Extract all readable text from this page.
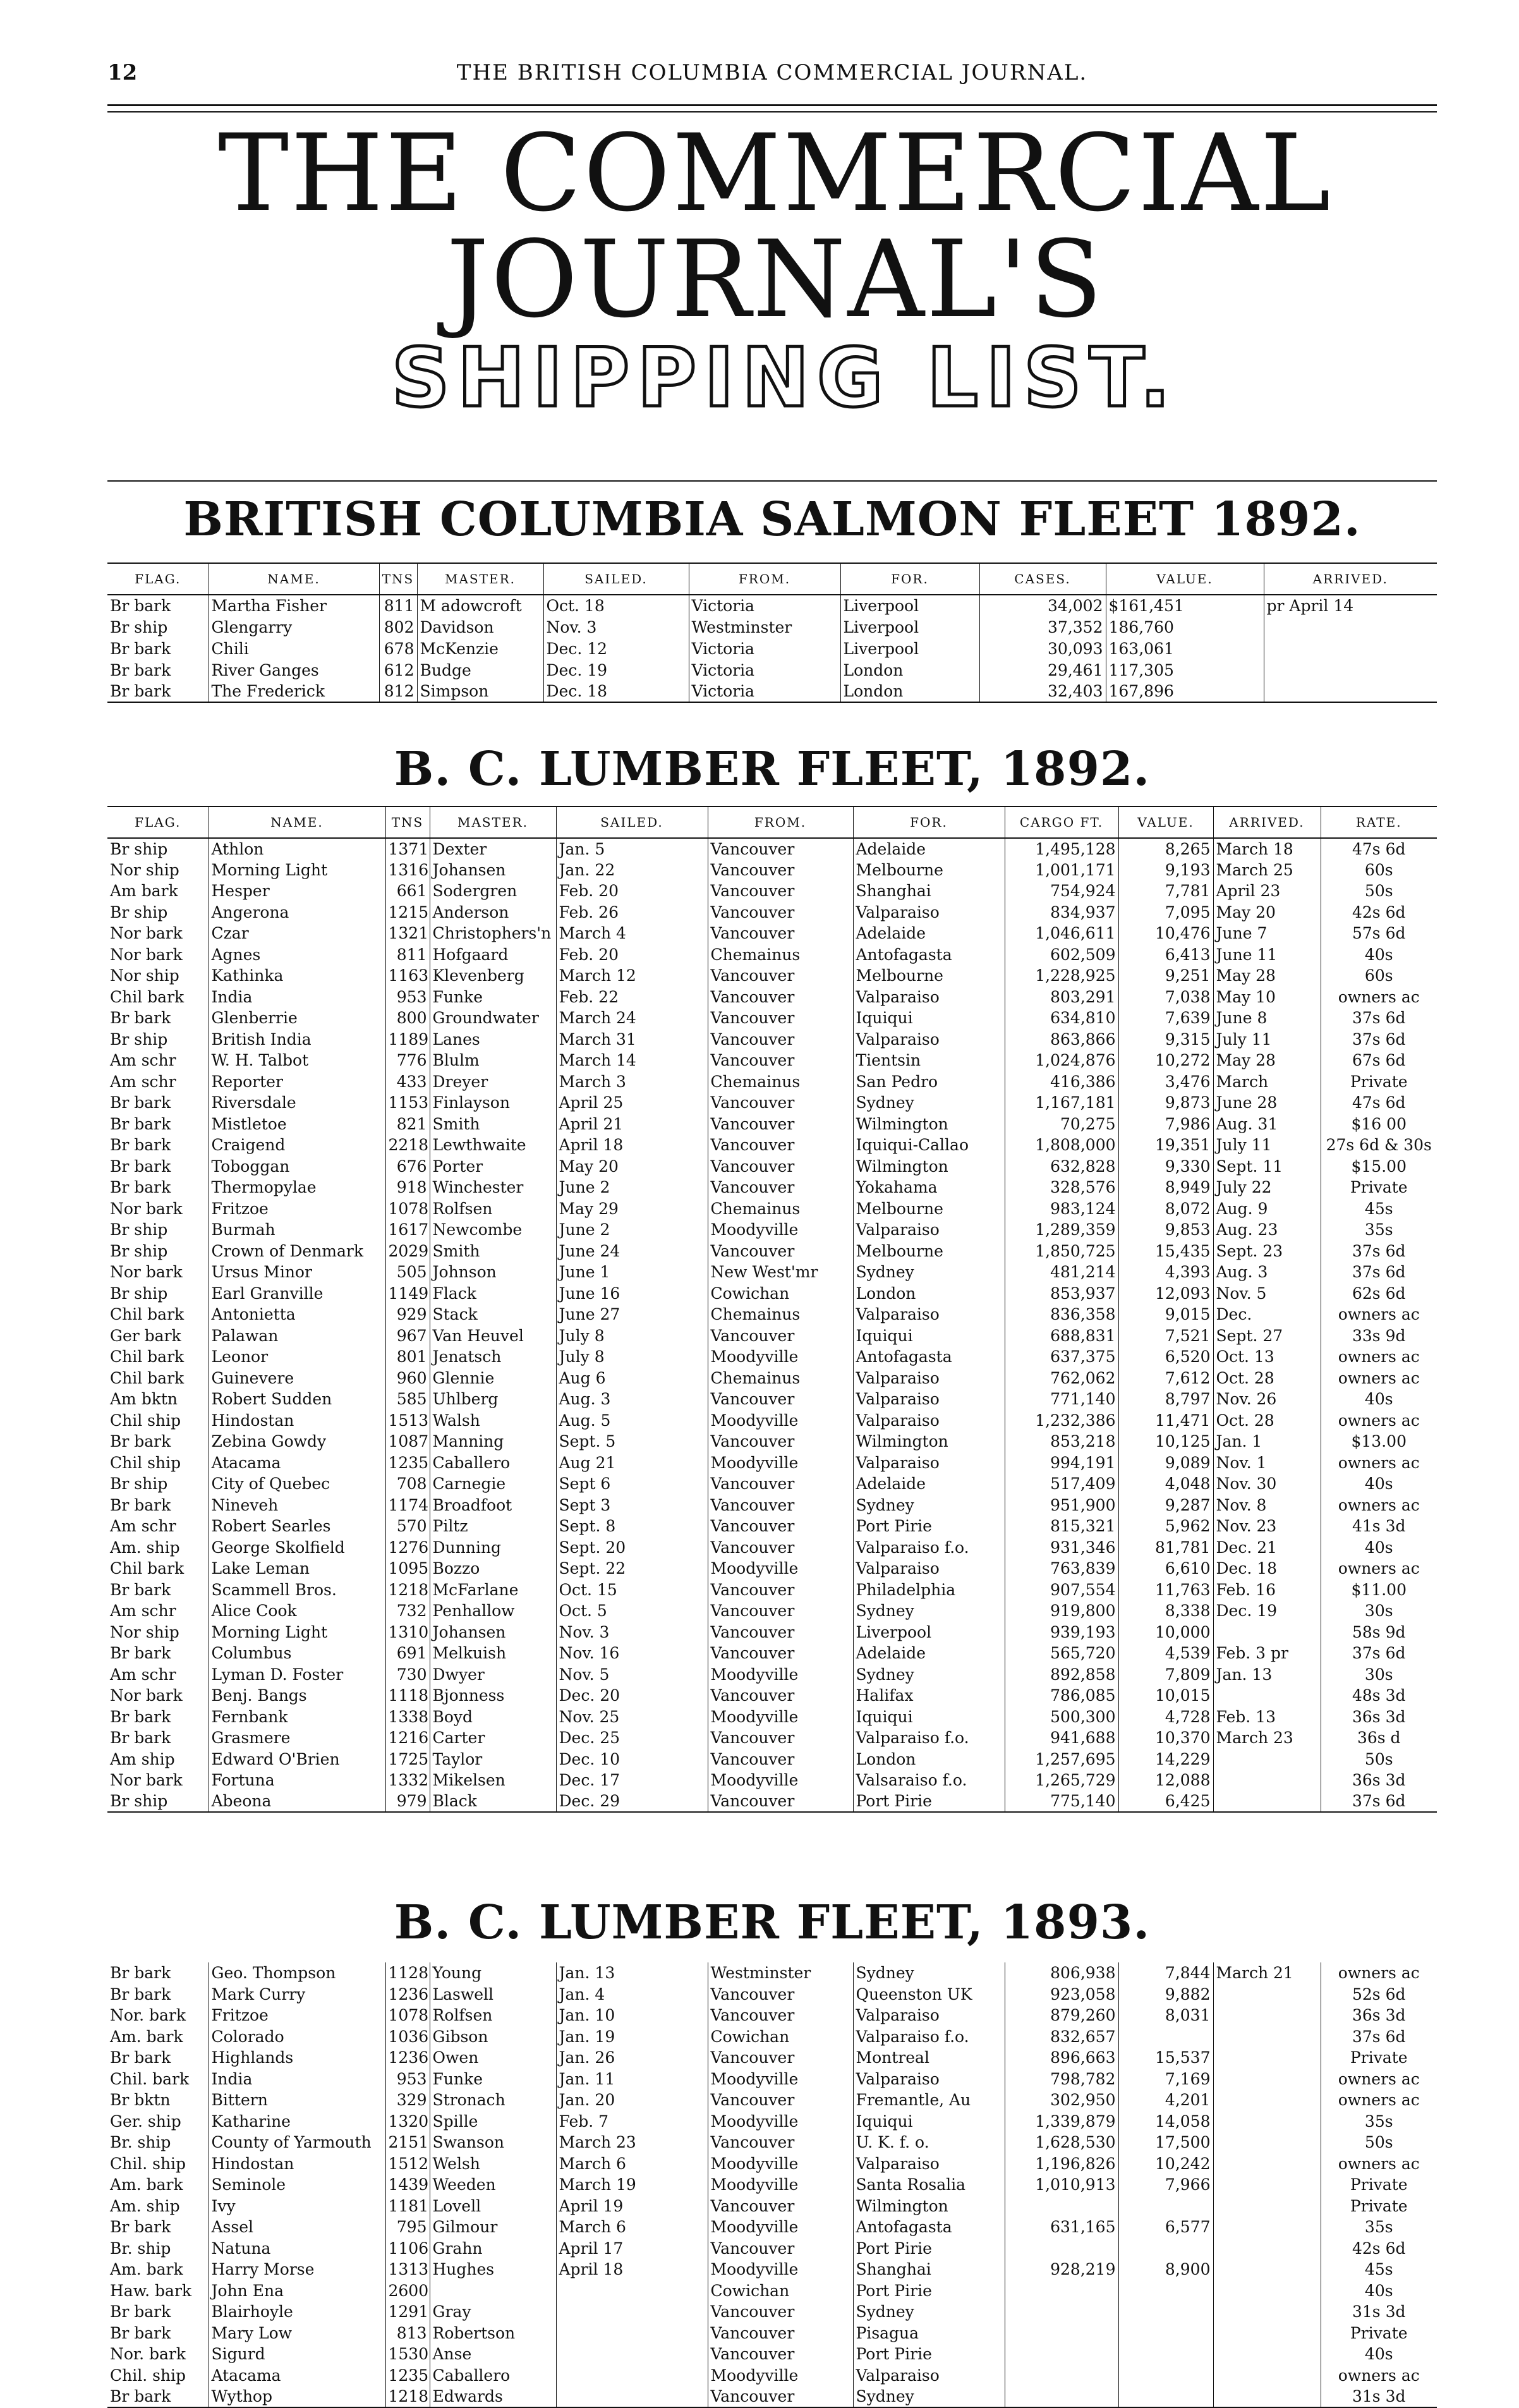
12	THE BRITISH COLUMBIA COMMERCIAL JOURNAL.
THE COMMERCIAL JOURNAL'S
SHIPPING LIST.
BRITISH COLUMBIA SALMON FLEET 1892.
FLAG.	NAME.	TNS	MASTER.	SAILED.	FROM.	FOR.	CASES.	VALUE.	ARRIVED.
Br bark	Martha Fisher	811	M adowcroft	Oct. 18	Victoria	Liverpool	34,002	$161,451	pr April 14
Br ship	Glengarry	802	Davidson	Nov. 3	Westminster	Liverpool	37,352	186,760	
Br bark	Chili	678	McKenzie	Dec. 12	Victoria	Liverpool	30,093	163,061	
Br bark	River Ganges	612	Budge	Dec. 19	Victoria	London	29,461	117,305	
Br bark	The Frederick	812	Simpson	Dec. 18	Victoria	London	32,403	167,896	
B. C. LUMBER FLEET, 1892.
FLAG.	NAME.	TNS	MASTER.	SAILED.	FROM.	FOR.	CARGO FT.	VALUE.	ARRIVED.	RATE.
Br ship	Athlon	1371	Dexter	Jan. 5	Vancouver	Adelaide	1,495,128	8,265	March 18	47s 6d
Nor ship	Morning Light	1316	Johansen	Jan. 22	Vancouver	Melbourne	1,001,171	9,193	March 25	60s
Am bark	Hesper	661	Sodergren	Feb. 20	Vancouver	Shanghai	754,924	7,781	April 23	50s
Br ship	Angerona	1215	Anderson	Feb. 26	Vancouver	Valparaiso	834,937	7,095	May 20	42s 6d
Nor bark	Czar	1321	Christophers'n	March 4	Vancouver	Adelaide	1,046,611	10,476	June 7	57s 6d
Nor bark	Agnes	811	Hofgaard	Feb. 20	Chemainus	Antofagasta	602,509	6,413	June 11	40s
Nor ship	Kathinka	1163	Klevenberg	March 12	Vancouver	Melbourne	1,228,925	9,251	May 28	60s
Chil bark	India	953	Funke	Feb. 22	Vancouver	Valparaiso	803,291	7,038	May 10	owners ac
Br bark	Glenberrie	800	Groundwater	March 24	Vancouver	Iquiqui	634,810	7,639	June 8	37s 6d
Br ship	British India	1189	Lanes	March 31	Vancouver	Valparaiso	863,866	9,315	July 11	37s 6d
Am schr	W. H. Talbot	776	Blulm	March 14	Vancouver	Tientsin	1,024,876	10,272	May 28	67s 6d
Am schr	Reporter	433	Dreyer	March 3	Chemainus	San Pedro	416,386	3,476	March	Private
Br bark	Riversdale	1153	Finlayson	April 25	Vancouver	Sydney	1,167,181	9,873	June 28	47s 6d
Br bark	Mistletoe	821	Smith	April 21	Vancouver	Wilmington	70,275	7,986	Aug. 31	$16 00
Br bark	Craigend	2218	Lewthwaite	April 18	Vancouver	Iquiqui-Callao	1,808,000	19,351	July 11	27s 6d & 30s
Br bark	Toboggan	676	Porter	May 20	Vancouver	Wilmington	632,828	9,330	Sept. 11	$15.00
Br bark	Thermopylae	918	Winchester	June 2	Vancouver	Yokahama	328,576	8,949	July 22	Private
Nor bark	Fritzoe	1078	Rolfsen	May 29	Chemainus	Melbourne	983,124	8,072	Aug. 9	45s
Br ship	Burmah	1617	Newcombe	June 2	Moodyville	Valparaiso	1,289,359	9,853	Aug. 23	35s
Br ship	Crown of Denmark	2029	Smith	June 24	Vancouver	Melbourne	1,850,725	15,435	Sept. 23	37s 6d
Nor bark	Ursus Minor	505	Johnson	June 1	New West'mr	Sydney	481,214	4,393	Aug. 3	37s 6d
Br ship	Earl Granville	1149	Flack	June 16	Cowichan	London	853,937	12,093	Nov. 5	62s 6d
Chil bark	Antonietta	929	Stack	June 27	Chemainus	Valparaiso	836,358	9,015	Dec.	owners ac
Ger bark	Palawan	967	Van Heuvel	July 8	Vancouver	Iquiqui	688,831	7,521	Sept. 27	33s 9d
Chil bark	Leonor	801	Jenatsch	July 8	Moodyville	Antofagasta	637,375	6,520	Oct. 13	owners ac
Chil bark	Guinevere	960	Glennie	Aug 6	Chemainus	Valparaiso	762,062	7,612	Oct. 28	owners ac
Am bktn	Robert Sudden	585	Uhlberg	Aug. 3	Vancouver	Valparaiso	771,140	8,797	Nov. 26	40s
Chil ship	Hindostan	1513	Walsh	Aug. 5	Moodyville	Valparaiso	1,232,386	11,471	Oct. 28	owners ac
Br bark	Zebina Gowdy	1087	Manning	Sept. 5	Vancouver	Wilmington	853,218	10,125	Jan. 1	$13.00
Chil ship	Atacama	1235	Caballero	Aug 21	Moodyville	Valparaiso	994,191	9,089	Nov. 1	owners ac
Br ship	City of Quebec	708	Carnegie	Sept 6	Vancouver	Adelaide	517,409	4,048	Nov. 30	40s
Br bark	Nineveh	1174	Broadfoot	Sept 3	Vancouver	Sydney	951,900	9,287	Nov. 8	owners ac
Am schr	Robert Searles	570	Piltz	Sept. 8	Vancouver	Port Pirie	815,321	5,962	Nov. 23	41s 3d
Am. ship	George Skolfield	1276	Dunning	Sept. 20	Vancouver	Valparaiso f.o.	931,346	81,781	Dec. 21	40s
Chil bark	Lake Leman	1095	Bozzo	Sept. 22	Moodyville	Valparaiso	763,839	6,610	Dec. 18	owners ac
Br bark	Scammell Bros.	1218	McFarlane	Oct. 15	Vancouver	Philadelphia	907,554	11,763	Feb. 16	$11.00
Am schr	Alice Cook	732	Penhallow	Oct. 5	Vancouver	Sydney	919,800	8,338	Dec. 19	30s
Nor ship	Morning Light	1310	Johansen	Nov. 3	Vancouver	Liverpool	939,193	10,000		58s 9d
Br bark	Columbus	691	Melkuish	Nov. 16	Vancouver	Adelaide	565,720	4,539	Feb. 3 pr	37s 6d
Am schr	Lyman D. Foster	730	Dwyer	Nov. 5	Moodyville	Sydney	892,858	7,809	Jan. 13	30s
Nor bark	Benj. Bangs	1118	Bjonness	Dec. 20	Vancouver	Halifax	786,085	10,015		48s 3d
Br bark	Fernbank	1338	Boyd	Nov. 25	Moodyville	Iquiqui	500,300	4,728	Feb. 13	36s 3d
Br bark	Grasmere	1216	Carter	Dec. 25	Vancouver	Valparaiso f.o.	941,688	10,370	March 23	36s d
Am ship	Edward O'Brien	1725	Taylor	Dec. 10	Vancouver	London	1,257,695	14,229		50s
Nor bark	Fortuna	1332	Mikelsen	Dec. 17	Moodyville	Valsaraiso f.o.	1,265,729	12,088		36s 3d
Br ship	Abeona	979	Black	Dec. 29	Vancouver	Port Pirie	775,140	6,425		37s 6d
B. C. LUMBER FLEET, 1893.
Br bark	Geo. Thompson	1128	Young	Jan. 13	Westminster	Sydney	806,938	7,844	March 21	owners ac
Br bark	Mark Curry	1236	Laswell	Jan. 4	Vancouver	Queenston UK	923,058	9,882		52s 6d
Nor. bark	Fritzoe	1078	Rolfsen	Jan. 10	Vancouver	Valparaiso	879,260	8,031		36s 3d
Am. bark	Colorado	1036	Gibson	Jan. 19	Cowichan	Valparaiso f.o.	832,657			37s 6d
Br bark	Highlands	1236	Owen	Jan. 26	Vancouver	Montreal	896,663	15,537		Private
Chil. bark	India	953	Funke	Jan. 11	Moodyville	Valparaiso	798,782	7,169		owners ac
Br bktn	Bittern	329	Stronach	Jan. 20	Vancouver	Fremantle, Au	302,950	4,201		owners ac
Ger. ship	Katharine	1320	Spille	Feb. 7	Moodyville	Iquiqui	1,339,879	14,058		35s
Br. ship	County of Yarmouth	2151	Swanson	March 23	Vancouver	U. K. f. o.	1,628,530	17,500		50s
Chil. ship	Hindostan	1512	Welsh	March 6	Moodyville	Valparaiso	1,196,826	10,242		owners ac
Am. bark	Seminole	1439	Weeden	March 19	Moodyville	Santa Rosalia	1,010,913	7,966		Private
Am. ship	Ivy	1181	Lovell	April 19	Vancouver	Wilmington				Private
Br bark	Assel	795	Gilmour	March 6	Moodyville	Antofagasta	631,165	6,577		35s
Br. ship	Natuna	1106	Grahn	April 17	Vancouver	Port Pirie				42s 6d
Am. bark	Harry Morse	1313	Hughes	April 18	Moodyville	Shanghai	928,219	8,900		45s
Haw. bark	John Ena	2600			Cowichan	Port Pirie				40s
Br bark	Blairhoyle	1291	Gray		Vancouver	Sydney				31s 3d
Br bark	Mary Low	813	Robertson		Vancouver	Pisagua				Private
Nor. bark	Sigurd	1530	Anse		Vancouver	Port Pirie				40s
Chil. ship	Atacama	1235	Caballero		Moodyville	Valparaiso				owners ac
Br bark	Wythop	1218	Edwards		Vancouver	Sydney				31s 3d
